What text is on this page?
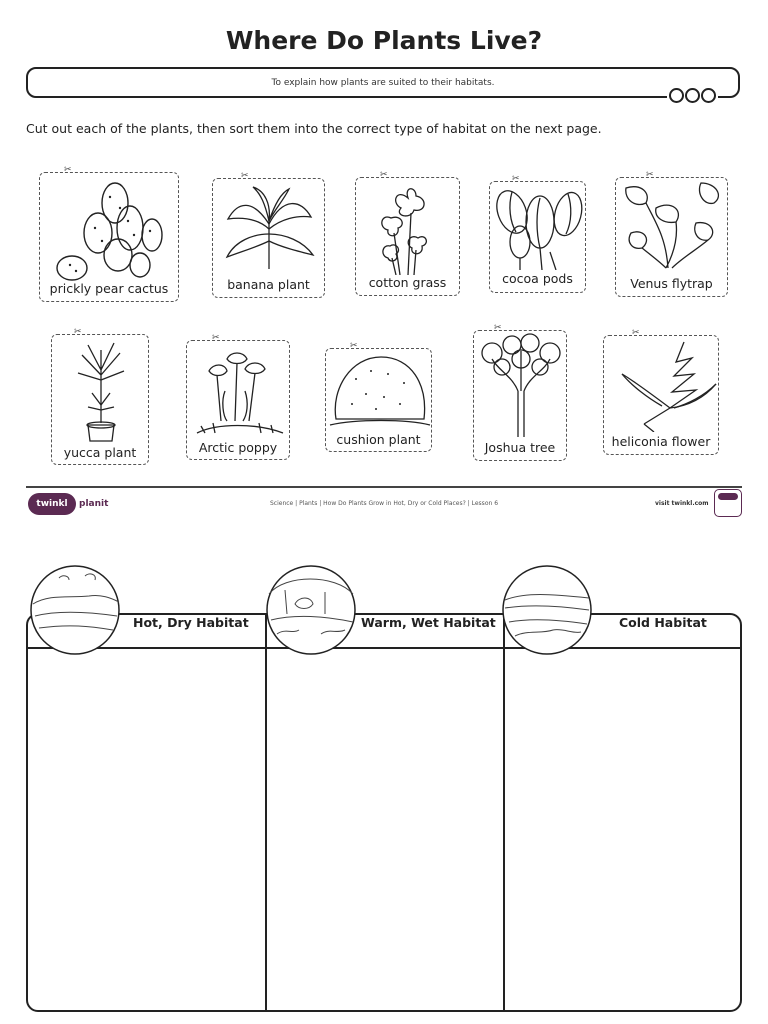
Where Do Plants Live?
To explain how plants are suited to their habitats.
Cut out each of the plants, then sort them into the correct type of habitat on the next page.
prickly pear cactus	banana plant	cotton grass	cocoa pods	Venus flytrap
yucca plant	Arctic poppy
cushion plant
Joshua tree	heliconia flower
✂
✂	✂	✂	✂
✂
✂
✂
✂	✂
twinkl	planit	Science | Plants | How Do Plants Grow in Hot, Dry or Cold Places? | Lesson 6	visit twinkl.com
Hot, Dry Habitat	Warm, Wet Habitat	Cold Habitat
